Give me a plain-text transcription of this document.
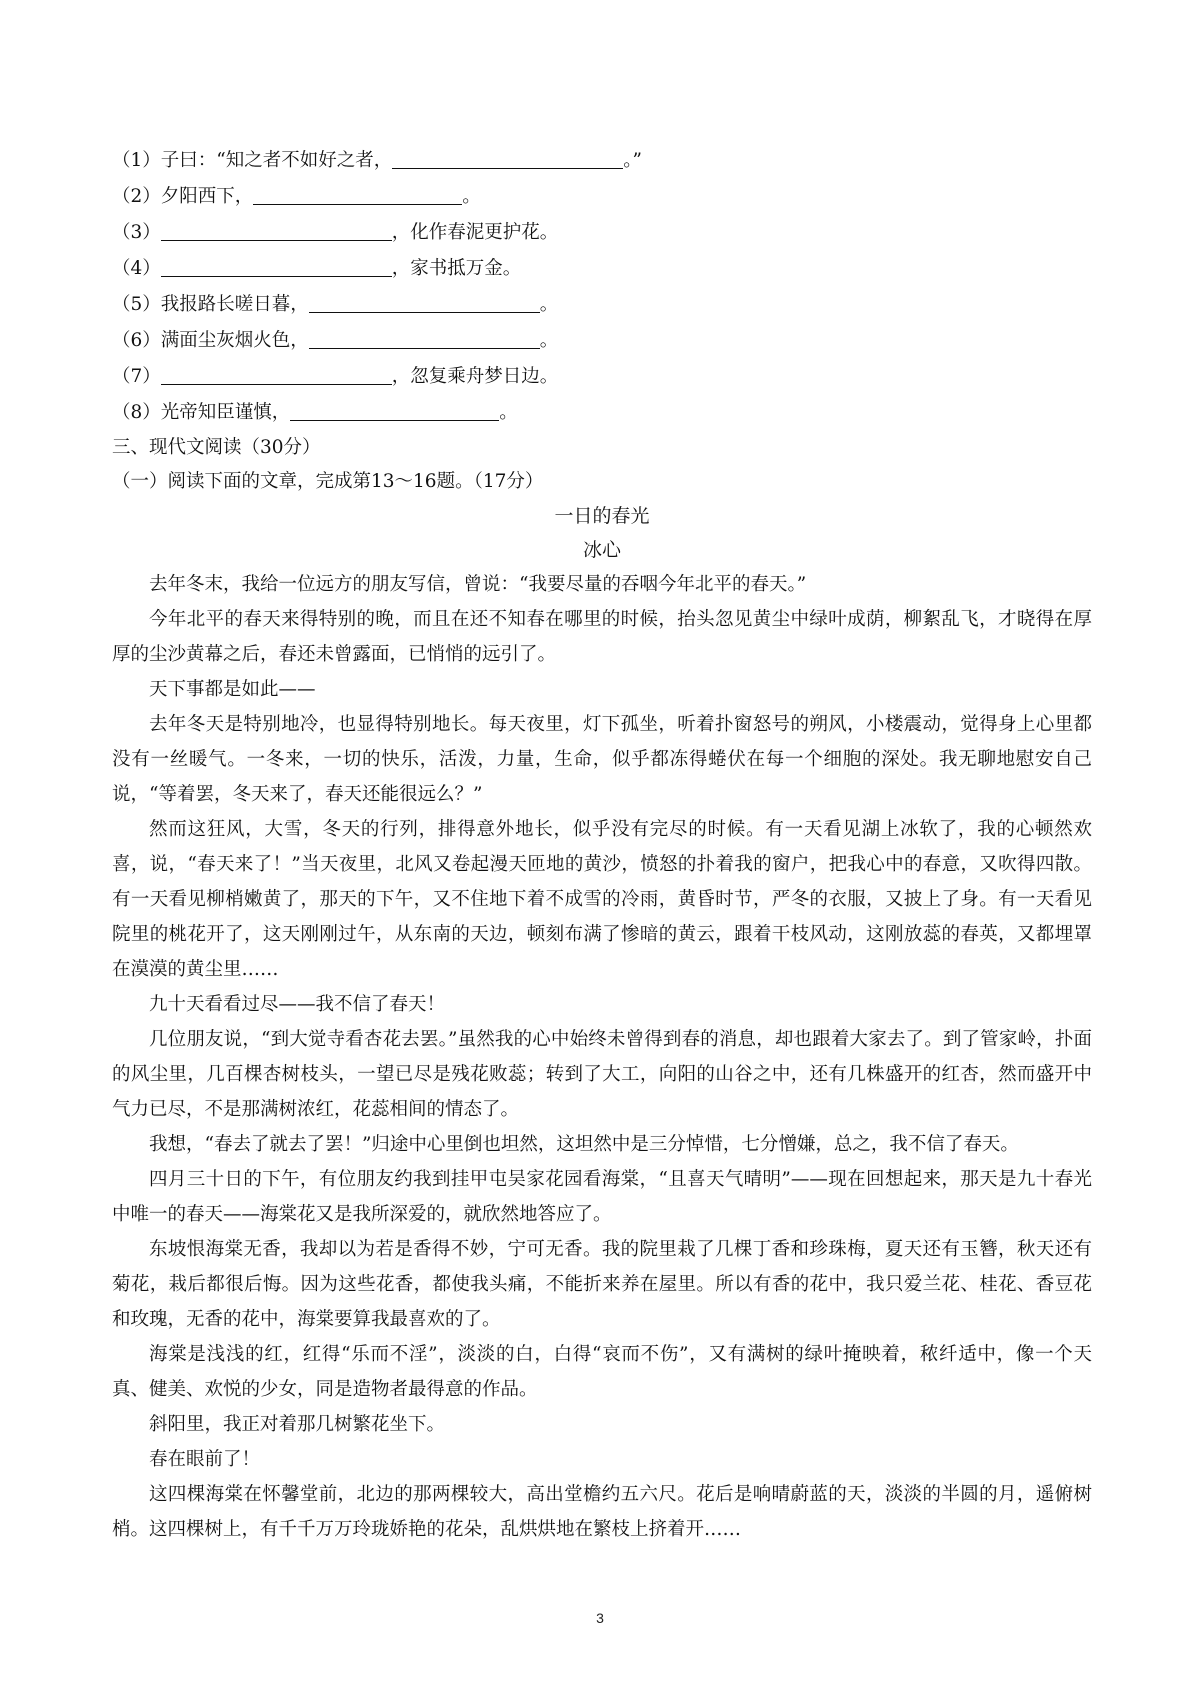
（1）子曰：“知之者不如好之者，	。”
（2）夕阳西下，	。
（3）	，化作春泥更护花。
（4）	，家书抵万金。
（5）我报路长嗟日暮，	。
（6）满面尘灰烟火色，	。
（7）	，忽复乘舟梦日边。
（8）光帝知臣谨慎，	。
三、现代文阅读（30分）
（一）阅读下面的文章，完成第13～16题。（17分）
一日的春光
冰心

去年冬末，我给一位远方的朋友写信，曾说：“我要尽量的吞咽今年北平的春天。”

今年北平的春天来得特别的晚，而且在还不知春在哪里的时候，抬头忽见黄尘中绿叶成荫，柳絮乱飞，才晓得在厚厚的尘沙黄幕之后，春还未曾露面，已悄悄的远引了。

天下事都是如此——

去年冬天是特别地冷，也显得特别地长。每天夜里，灯下孤坐，听着扑窗怒号的朔风，小楼震动，觉得身上心里都没有一丝暖气。一冬来，一切的快乐，活泼，力量，生命，似乎都冻得蜷伏在每一个细胞的深处。我无聊地慰安自己说，“等着罢，冬天来了，春天还能很远么？”

然而这狂风，大雪，冬天的行列，排得意外地长，似乎没有完尽的时候。有一天看见湖上冰软了，我的心顿然欢喜，说，“春天来了！”当天夜里，北风又卷起漫天匝地的黄沙，愤怒的扑着我的窗户，把我心中的春意，又吹得四散。有一天看见柳梢嫩黄了，那天的下午，又不住地下着不成雪的冷雨，黄昏时节，严冬的衣服，又披上了身。有一天看见院里的桃花开了，这天刚刚过午，从东南的天边，顿刻布满了惨暗的黄云，跟着干枝风动，这刚放蕊的春英，又都埋罩在漠漠的黄尘里……

九十天看看过尽——我不信了春天！

几位朋友说，“到大觉寺看杏花去罢。”虽然我的心中始终未曾得到春的消息，却也跟着大家去了。到了管家岭，扑面的风尘里，几百棵杏树枝头，一望已尽是残花败蕊；转到了大工，向阳的山谷之中，还有几株盛开的红杏，然而盛开中气力已尽，不是那满树浓红，花蕊相间的情态了。

我想，“春去了就去了罢！”归途中心里倒也坦然，这坦然中是三分悼惜，七分憎嫌，总之，我不信了春天。

四月三十日的下午，有位朋友约我到挂甲屯吴家花园看海棠，“且喜天气晴明”——现在回想起来，那天是九十春光中唯一的春天——海棠花又是我所深爱的，就欣然地答应了。

东坡恨海棠无香，我却以为若是香得不妙，宁可无香。我的院里栽了几棵丁香和珍珠梅，夏天还有玉簪，秋天还有菊花，栽后都很后悔。因为这些花香，都使我头痛，不能折来养在屋里。所以有香的花中，我只爱兰花、桂花、香豆花和玫瑰，无香的花中，海棠要算我最喜欢的了。

海棠是浅浅的红，红得“乐而不淫”，淡淡的白，白得“哀而不伤”，又有满树的绿叶掩映着，秾纤适中，像一个天真、健美、欢悦的少女，同是造物者最得意的作品。

斜阳里，我正对着那几树繁花坐下。

春在眼前了！

这四棵海棠在怀馨堂前，北边的那两棵较大，高出堂檐约五六尺。花后是响晴蔚蓝的天，淡淡的半圆的月，遥俯树梢。这四棵树上，有千千万万玲珑娇艳的花朵，乱烘烘地在繁枝上挤着开……

3
